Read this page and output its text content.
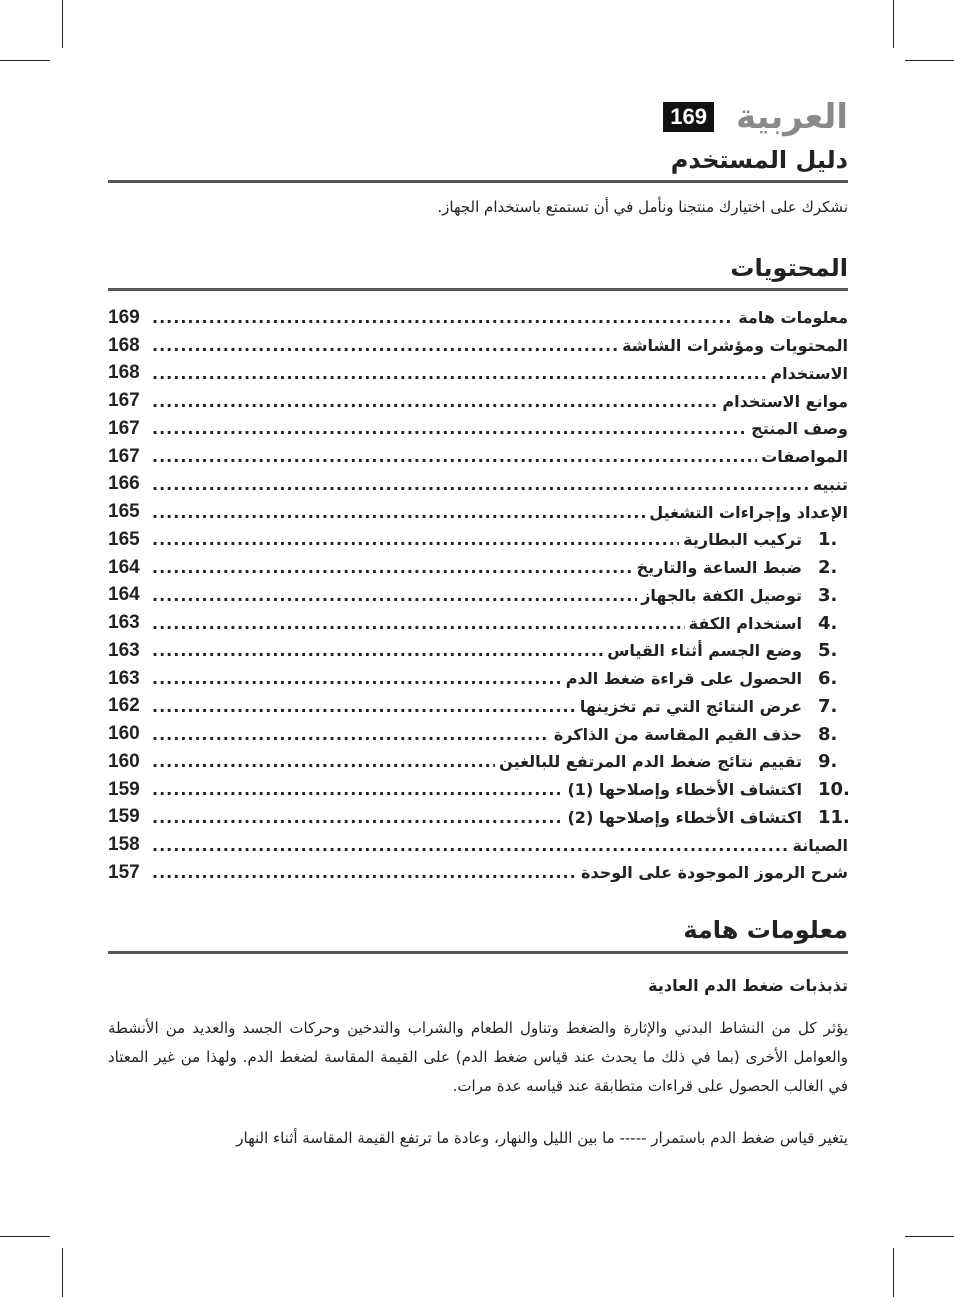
العربية
169
دليل المستخدم
نشكرك على اختيارك منتجنا ونأمل في أن تستمتع باستخدام الجهاز.
المحتويات
معلومات هامة
.....
169
المحتويات ومؤشرات الشاشة
.....
168
الاستخدام
.....
168
موانع الاستخدام
.....
167
وصف المنتج
.....
167
المواصفات
.....
167
تنبيه
.....
166
الإعداد وإجراءات التشغيل
.....
165
1.
تركيب البطارية
.....
165
2.
ضبط الساعة والتاريخ
.....
164
3.
توصيل الكفة بالجهاز
.....
164
4.
استخدام الكفة
.....
163
5.
وضع الجسم أثناء القياس
.....
163
6.
الحصول على قراءة ضغط الدم
.....
163
7.
عرض النتائج التي تم تخزينها
.....
162
8.
حذف القيم المقاسة من الذاكرة
.....
160
9.
تقييم نتائج ضغط الدم المرتفع للبالغين
.....
160
10.
اكتشاف الأخطاء وإصلاحها (1)
.....
159
11.
اكتشاف الأخطاء وإصلاحها (2)
.....
159
الصيانة
.....
158
شرح الرموز الموجودة على الوحدة
.....
157
معلومات هامة
تذبذبات ضغط الدم العادية
يؤثر كل من النشاط البدني والإثارة والضغط وتناول الطعام والشراب والتدخين وحركات الجسد والعديد من الأنشطة والعوامل الأخرى (بما في ذلك ما يحدث عند قياس ضغط الدم) على القيمة المقاسة لضغط الدم. ولهذا من غير المعتاد في الغالب الحصول على قراءات متطابقة عند قياسه عدة مرات.
يتغير قياس ضغط الدم باستمرار ----- ما بين الليل والنهار، وعادة ما ترتفع القيمة المقاسة أثناء النهار
